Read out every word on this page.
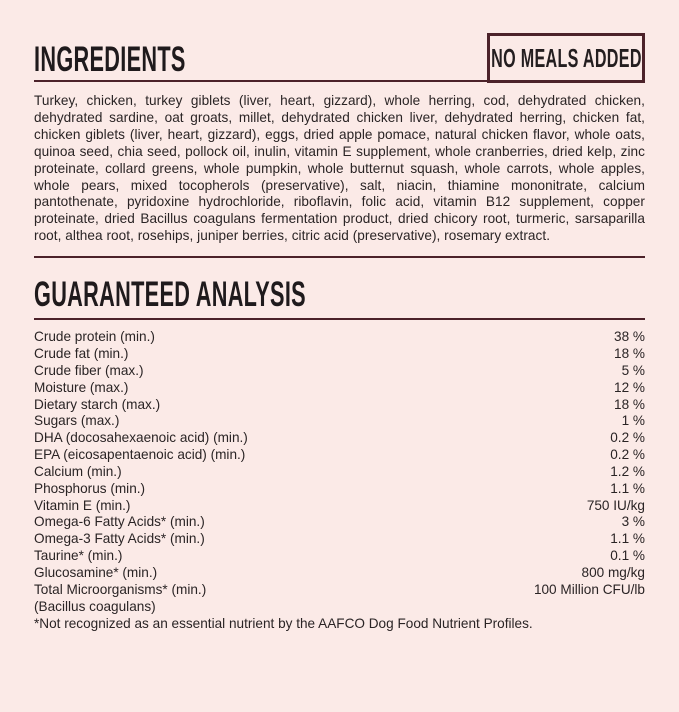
INGREDIENTS	NO MEALS ADDED

Turkey, chicken, turkey giblets (liver, heart, gizzard), whole herring, cod, dehydrated chicken, dehydrated sardine, oat groats, millet, dehydrated chicken liver, dehydrated herring, chicken fat, chicken giblets (liver, heart, gizzard), eggs, dried apple pomace, natural chicken flavor, whole oats, quinoa seed, chia seed, pollock oil, inulin, vitamin E supplement, whole cranberries, dried kelp, zinc proteinate, collard greens, whole pumpkin, whole butternut squash, whole carrots, whole apples, whole pears, mixed tocopherols (preservative), salt, niacin, thiamine mononitrate, calcium pantothenate, pyridoxine hydrochloride, riboflavin, folic acid, vitamin B12 supplement, copper proteinate, dried Bacillus coagulans fermentation product, dried chicory root, turmeric, sarsaparilla root, althea root, rosehips, juniper berries, citric acid (preservative), rosemary extract.

GUARANTEED ANALYSIS
Crude protein (min.)	38 %
Crude fat (min.)	18 %
Crude fiber (max.)	5 %
Moisture (max.)	12 %
Dietary starch (max.)	18 %
Sugars (max.)	1 %
DHA (docosahexaenoic acid) (min.)	0.2 %
EPA (eicosapentaenoic acid) (min.)	0.2 %
Calcium (min.)	1.2 %
Phosphorus (min.)	1.1 %
Vitamin E (min.)	750 IU/kg
Omega-6 Fatty Acids* (min.)	3 %
Omega-3 Fatty Acids* (min.)	1.1 %
Taurine* (min.)	0.1 %
Glucosamine* (min.)	800 mg/kg
Total Microorganisms* (min.)	100 Million CFU/lb
(Bacillus coagulans)

*Not recognized as an essential nutrient by the AAFCO Dog Food Nutrient Profiles.
